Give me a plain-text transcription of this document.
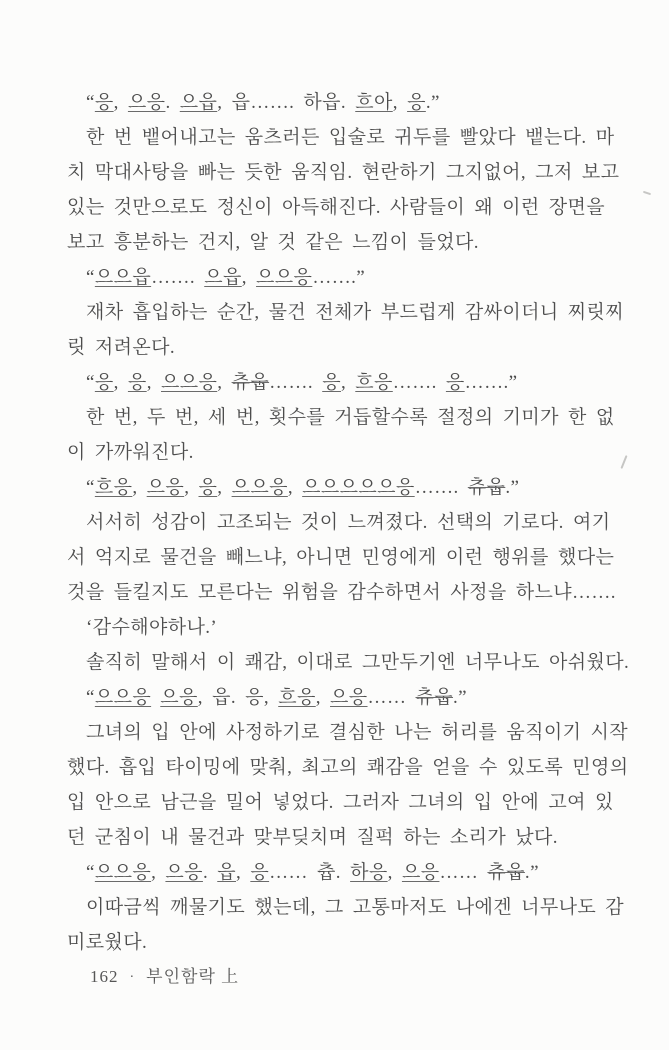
“응, 으응. 으읍, 읍……. 하읍. 흐아, 응.”
한 번 뱉어내고는 움츠러든 입술로 귀두를 빨았다 뱉는다. 마
치 막대사탕을 빠는 듯한 움직임. 현란하기 그지없어, 그저 보고
있는 것만으로도 정신이 아득해진다. 사람들이 왜 이런 장면을
보고 흥분하는 건지, 알 것 같은 느낌이 들었다.
“으으읍……. 으읍, 으으응…….”
재차 흡입하는 순간, 물건 전체가 부드럽게 감싸이더니 찌릿찌
릿 저려온다.
“응, 응, 으으응, 츄웁……. 응, 흐응……. 응…….”
한 번, 두 번, 세 번, 횟수를 거듭할수록 절정의 기미가 한 없
이 가까워진다.
“흐응, 으응, 응, 으으응, 으으으으으응……. 츄웁.”
서서히 성감이 고조되는 것이 느껴졌다. 선택의 기로다. 여기
서 억지로 물건을 빼느냐, 아니면 민영에게 이런 행위를 했다는
것을 들킬지도 모른다는 위험을 감수하면서 사정을 하느냐…….
‘감수해야하나.’
솔직히 말해서 이 쾌감, 이대로 그만두기엔 너무나도 아쉬웠다.
“으으응 으응, 읍. 응, 흐응, 으응…… 츄웁.”
그녀의 입 안에 사정하기로 결심한 나는 허리를 움직이기 시작
했다. 흡입 타이밍에 맞춰, 최고의 쾌감을 얻을 수 있도록 민영의
입 안으로 남근을 밀어 넣었다. 그러자 그녀의 입 안에 고여 있
던 군침이 내 물건과 맞부딪치며 질퍽 하는 소리가 났다.
“으으응, 으응. 읍, 응…… 츕. 하응, 으응…… 츄웁.”
이따금씩 깨물기도 했는데, 그 고통마저도 나에겐 너무나도 감
미로웠다.
162 · 부인함락 上
